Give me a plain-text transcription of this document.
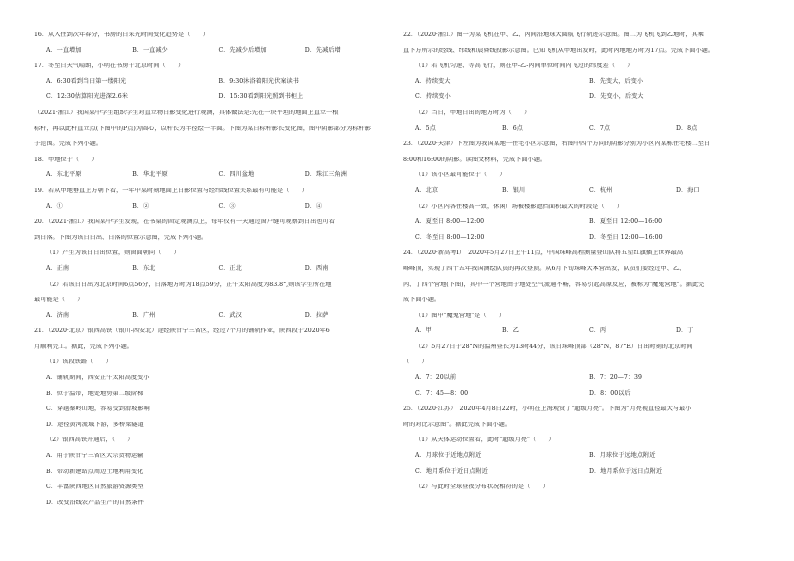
16．从入住到次年春分，书房的日采光时间变化趋势是（　　）
A．一直增加	B．一直减少	C．先减少后增加	D．先减后增
17．冬至日天气晴朗，小明在书房干北京时间（　　）
A．6:30看到当日第一缕阳光	B．9:30沐浴着阳光伏案读书
C．12:30估算阳光进深2.6米	D．15:30看到阳光照到书柜上
（2021·浙江）我国某中学生组织学生对直立物日影变化进行观测，具体做法是:先在一块平坦的地面上直立一根
标杆，再以此杆直立点(下图中的P点)为圆心，以杆长为半径绘一半圆。下图为某日标杆影长变化图，图中阴影部分为标杆影
子范围。完成下列小题。
18．甲地位于（　　）
A．东北平原	B．华北平原	C．四川盆地	D．珠江三角洲
19．若从甲地垂直上方朝下看，一年中某时刻地面上日影位置与经纬线位置关系最有可能是（　　）
A．①	B．②	C．③	D．④
20．（2021·浙江）我国某中学生发现，在书桌的固定观测点上，每年仅有一天通过窗户缝可观察到日出也可看
到日落。下图为该日日出、日落的位置示意图，完成下列小题。
（1）产生为该日日出位置，则窗面朝向（　　）
A．正南	B．东北	C．正北	D．西南
（2）若该日日出为北京时间6点56分，日落地方时为18点59分，正午太阳高度为83.8°,则该学生所在地
最可能是（　　）
A．济南	B．广州	C．武汉	D．拉萨
21．（2020·北京）银西高铁（银川-西安北）途经陕甘宁三省区，经过7个月的铺轨作业，陕西段于2020年6
月顺利完工。据此，完成下列小题。
（1）该段铁路（　　）
A．铺轨期间，西安正午太阳高度变小
B．位于温带，地处地势第二级阶梯
C．穿越秦岭山地，容易受到滑坡影响
D．途径黄河流域下游，多桥梁隧道
（2）银西高铁开通后，（　　）
A．用于陕甘宁三省区大宗货物运输
B．带动新建站点周边土地利用变化
C．丰富陕西地区自然旅游资源类型
D．改变沿线农产品生产的自然条件
22．（2020·浙江）图一为某飞机在甲、乙、丙间沿地球大圆航飞行轨迹示意图。图二为飞机飞到乙地时，其乘
直下方所示的经线、纬线和晨昏线投影示意图。已知飞机从甲地出发时，此时丙地地方时为17点。完成下面小题。
（1）若飞机匀速、等高飞行，则在甲-乙-丙间单位时间内飞过的纬度差（　　）
A．持续变大	B．先变大，后变小
C．持续变小	D．先变小，后变大
（2）当日，甲地日出的地方时为（　　）
A．5点	B．6点	C．7点	D．8点
23．（2020·天津）下左图为我国某地一住宅小区示意图，右图中四个方向的阴影分别为小区内某栋住宅楼二至日
8:00和16:00的阴影。读图文材料，完成下面小题。
（1）该小区最可能位于（　　）
A．北京	B．银川	C．杭州	D．海口
（2）小区内各住楼高一致，休闲广场被楼影遮挡面积最大的时段是（　　）
A．夏至日 8:00—12:00	B．夏至日 12:00—16:00
C．冬至日 8:00—12:00	D．冬至日 12:00—16:00
24．（2020·新高考Ⅰ）　2020年5月27日上午11点，中国珠峰高程测量登山队将五星红旗插上世界最高
峰峰顶，实现了四十五年我国测绘队员的再次登顶。从6月下旬珠峰大本营出发，队员们要经过甲、乙、
丙、丁四个营地(下图)，其中一个营地由于地处空气流通不畅，容易引起高原反应，被称为"魔鬼营地"。据此完
成下面小题。
（1）图中"魔鬼营地"是（　　）
A．甲	B．乙	C．丙	D．丁
（2）5月27日于28°N的温州昼长为13时44分，该日珠峰顶部（28°N，87°E）日出时刻的北京时间
（　　）
A．7：20以前	B．7：20—7：39
C．7：45—8：00	D．8：00以后
25．（2020·江苏）　2020年4月8日22时，小明在上海观赏了"超级月亮"。下图为"月亮视直径最大与最小
时的对比示意图"。据此完成下面小题。
（1）从天体运动位置看，此时"超级月亮"（　　）
A．月球位于近地点附近	B．月球位于远地点附近
C．地月系位于近日点附近	D．地月系位于远日点附近
（2）与此时全球昼夜分布状况相符的是（　　）
